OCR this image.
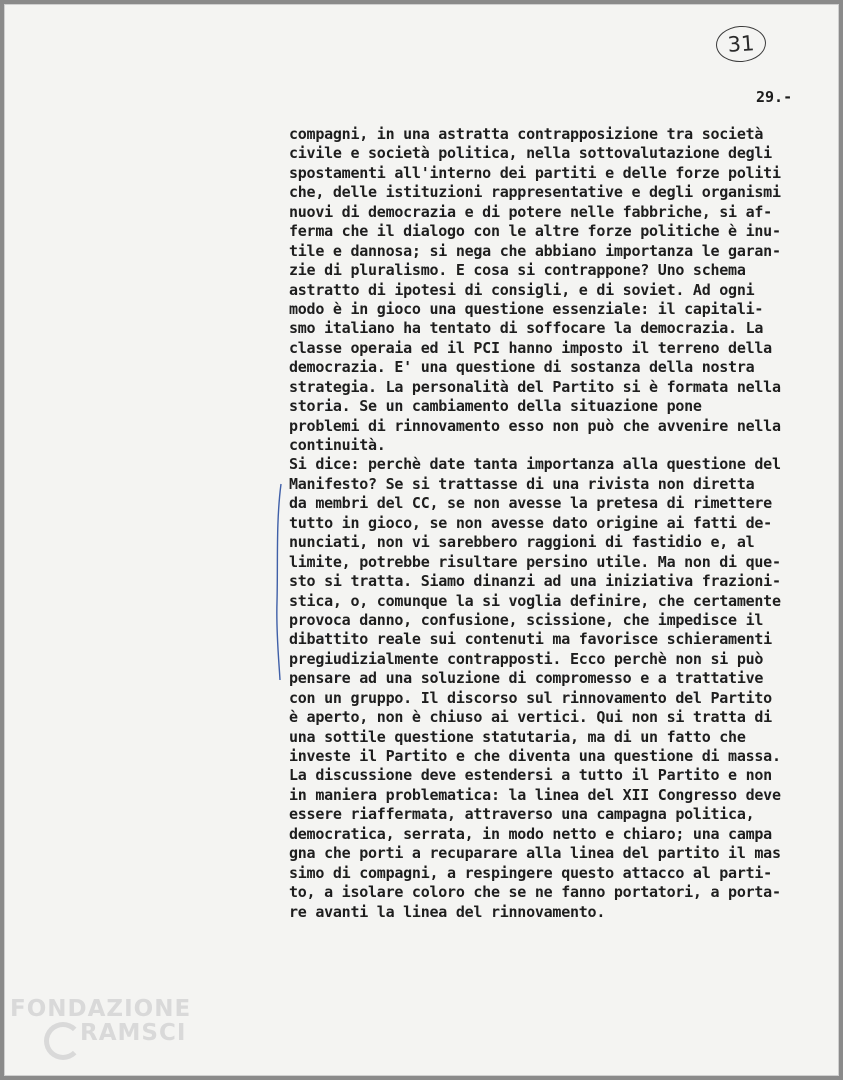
31
29.-
compagni, in una astratta contrapposizione tra società
civile e società politica, nella sottovalutazione degli
spostamenti all'interno dei partiti e delle forze politi
che, delle istituzioni rappresentative e degli organismi
nuovi di democrazia e di potere nelle fabbriche, si af-
ferma che il dialogo con le altre forze politiche è inu-
tile e dannosa; si nega che abbiano importanza le garan-
zie di pluralismo. E cosa si contrappone? Uno schema
astratto di ipotesi di consigli, e di soviet. Ad ogni
modo è in gioco una questione essenziale: il capitali-
smo italiano ha tentato di soffocare la democrazia. La
classe operaia ed il PCI hanno imposto il terreno della
democrazia. E' una questione di sostanza della nostra
strategia. La personalità del Partito si è formata nella
storia. Se un cambiamento della situazione pone
problemi di rinnovamento esso non può che avvenire nella
continuità.
Si dice: perchè date tanta importanza alla questione del
Manifesto? Se si trattasse di una rivista non diretta
da membri del CC, se non avesse la pretesa di rimettere
tutto in gioco, se non avesse dato origine ai fatti de-
nunciati, non vi sarebbero raggioni di fastidio e, al
limite, potrebbe risultare persino utile. Ma non di que-
sto si tratta. Siamo dinanzi ad una iniziativa frazioni-
stica, o, comunque la si voglia definire, che certamente
provoca danno, confusione, scissione, che impedisce il
dibattito reale sui contenuti ma favorisce schieramenti
pregiudizialmente contrapposti. Ecco perchè non si può
pensare ad una soluzione di compromesso e a trattative
con un gruppo. Il discorso sul rinnovamento del Partito
è aperto, non è chiuso ai vertici. Qui non si tratta di
una sottile questione statutaria, ma di un fatto che
investe il Partito e che diventa una questione di massa.
La discussione deve estendersi a tutto il Partito e non
in maniera problematica: la linea del XII Congresso deve
essere riaffermata, attraverso una campagna politica,
democratica, serrata, in modo netto e chiaro; una campa
gna che porti a recuparare alla linea del partito il mas
simo di compagni, a respingere questo attacco al parti-
to, a isolare coloro che se ne fanno portatori, a porta-
re avanti la linea del rinnovamento.
FONDAZIONE
RAMSCI
